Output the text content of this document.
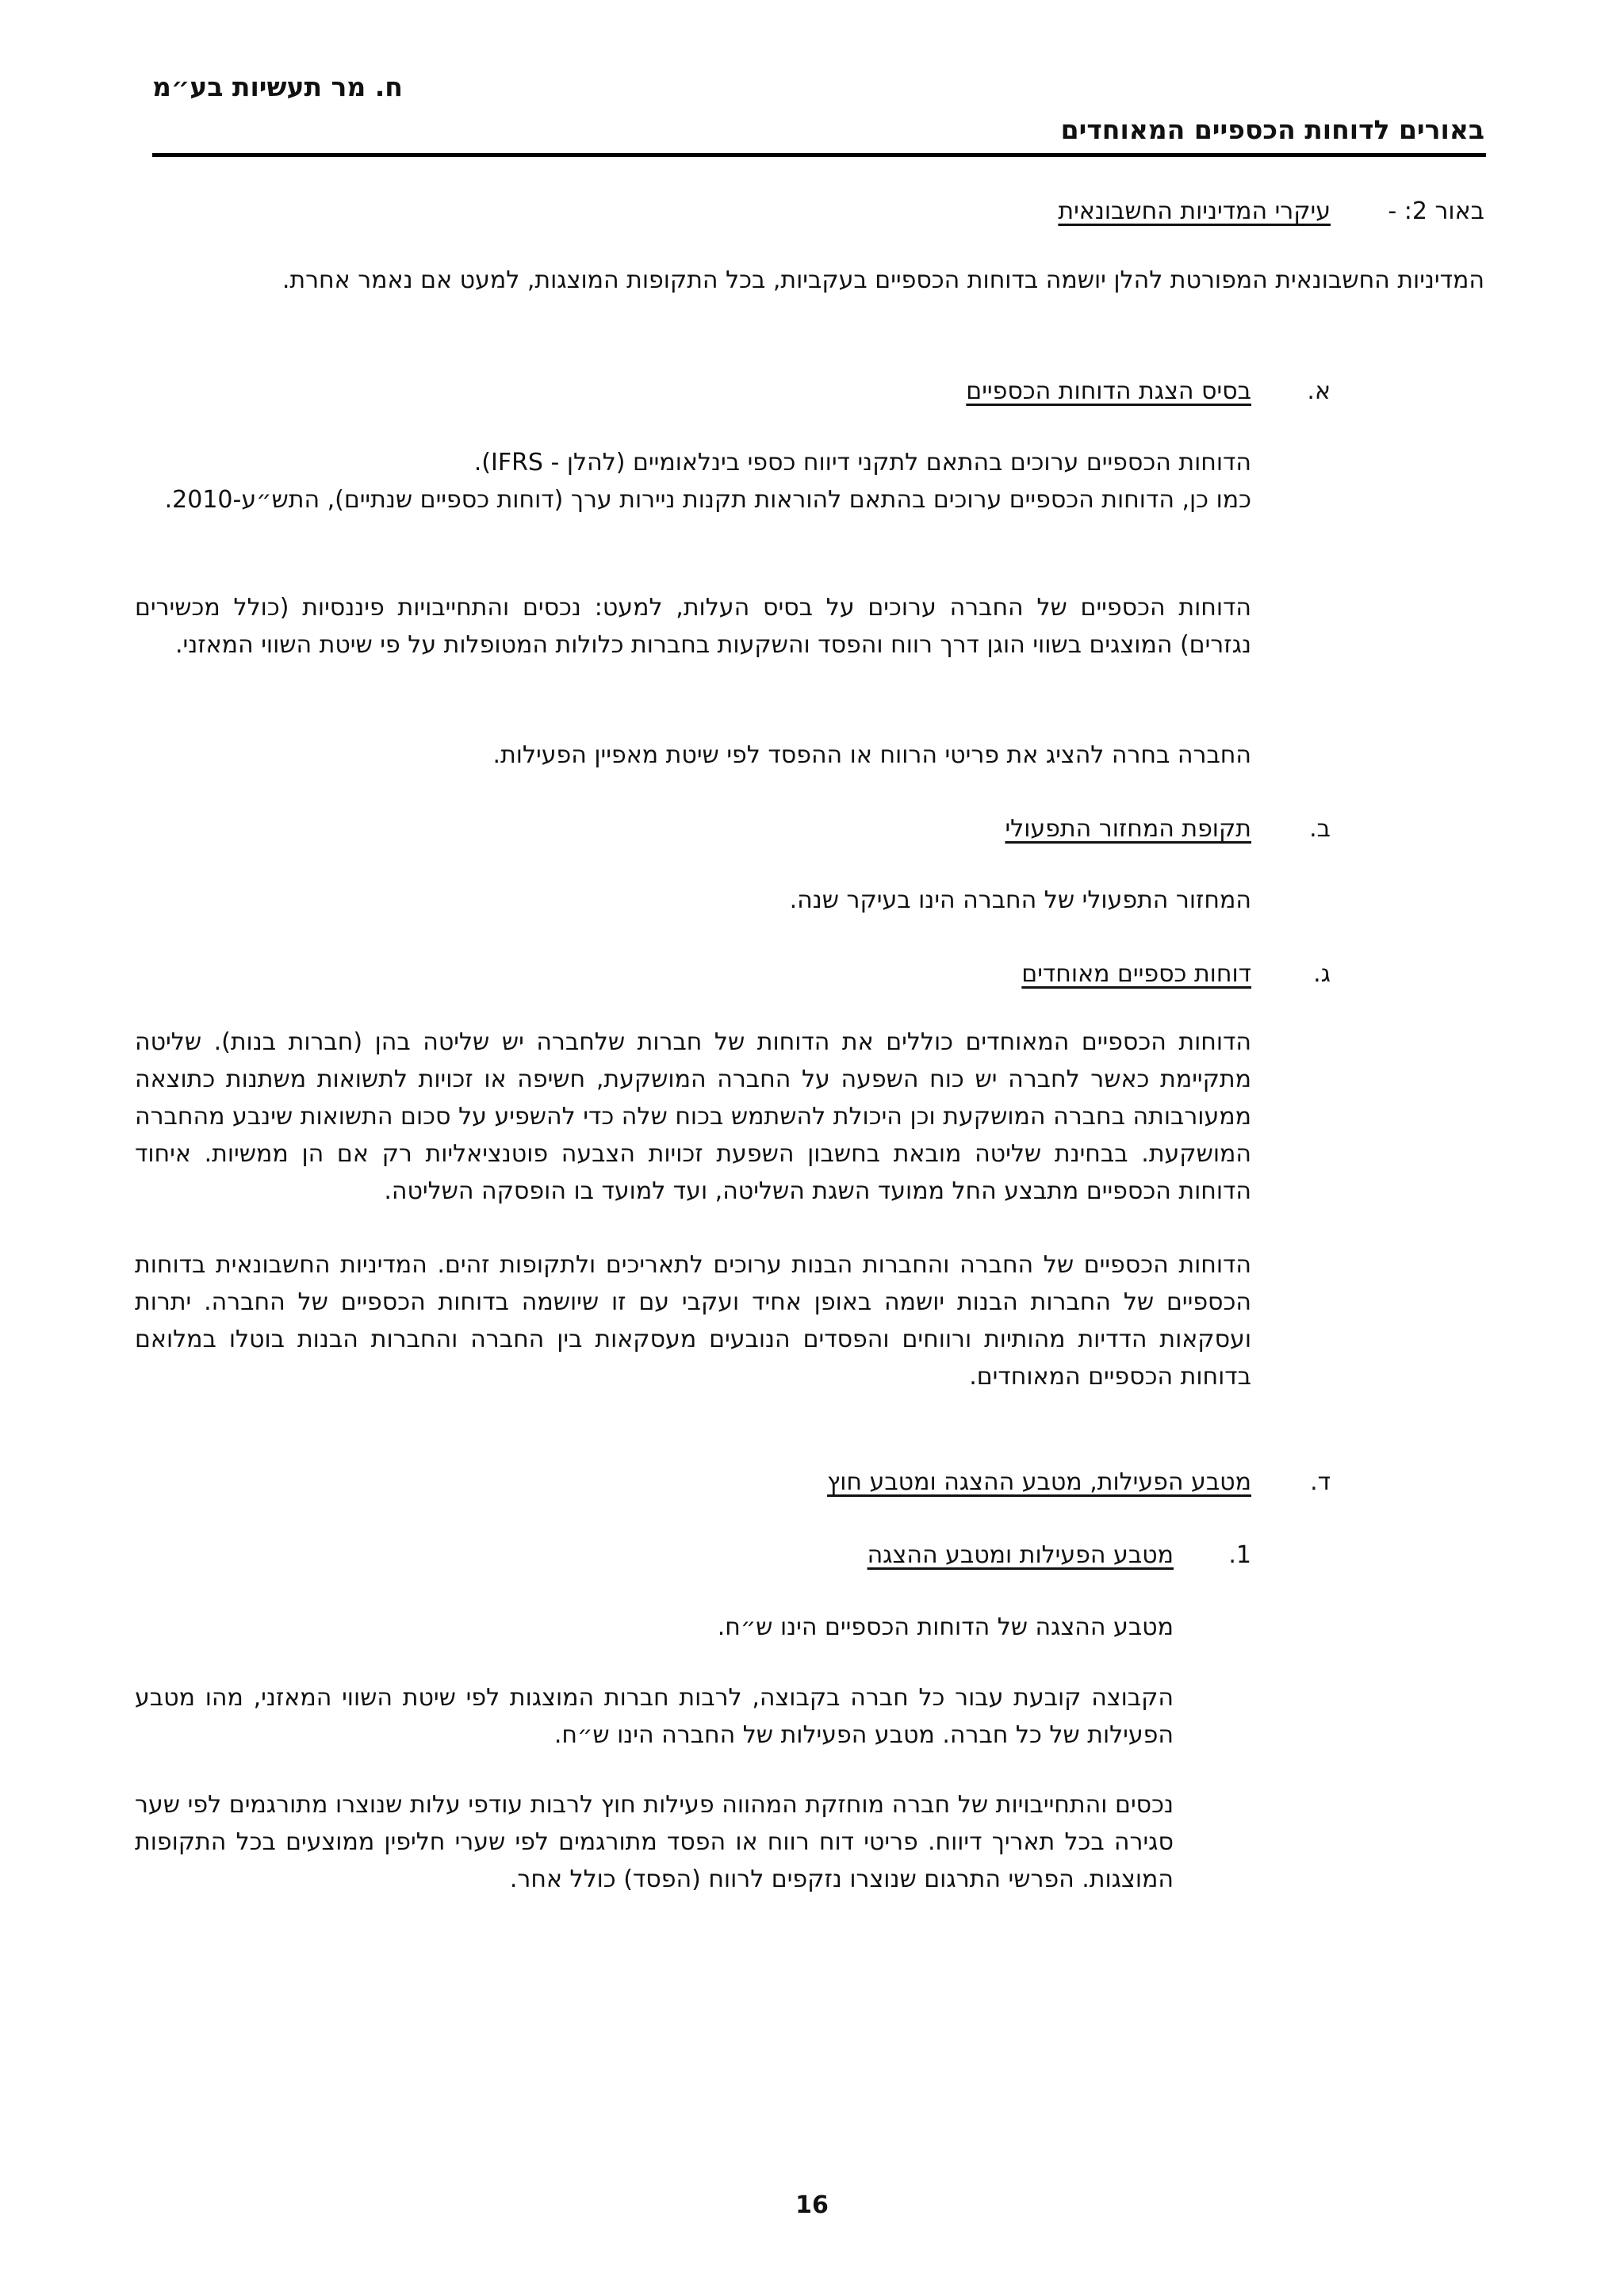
ח. מר תעשיות בע״מ
באורים לדוחות הכספיים המאוחדים
באור 2: -
עיקרי המדיניות החשבונאית
המדיניות החשבונאית המפורטת להלן יושמה בדוחות הכספיים בעקביות, בכל התקופות המוצגות, למעט אם נאמר אחרת.
א.
בסיס הצגת הדוחות הכספיים
הדוחות הכספיים ערוכים בהתאם לתקני דיווח כספי בינלאומיים (להלן - IFRS).
כמו כן, הדוחות הכספיים ערוכים בהתאם להוראות תקנות ניירות ערך (דוחות כספיים שנתיים), התש״ע-2010.
הדוחות הכספיים של החברה ערוכים על בסיס העלות, למעט: נכסים והתחייבויות פיננסיות (כולל מכשירים נגזרים) המוצגים בשווי הוגן דרך רווח והפסד והשקעות בחברות כלולות המטופלות על פי שיטת השווי המאזני.
החברה בחרה להציג את פריטי הרווח או ההפסד לפי שיטת מאפיין הפעילות.
ב.
תקופת המחזור התפעולי
המחזור התפעולי של החברה הינו בעיקר שנה.
ג.
דוחות כספיים מאוחדים
הדוחות הכספיים המאוחדים כוללים את הדוחות של חברות שלחברה יש שליטה בהן (חברות בנות). שליטה מתקיימת כאשר לחברה יש כוח השפעה על החברה המושקעת, חשיפה או זכויות לתשואות משתנות כתוצאה ממעורבותה בחברה המושקעת וכן היכולת להשתמש בכוח שלה כדי להשפיע על סכום התשואות שינבע מהחברה המושקעת. בבחינת שליטה מובאת בחשבון השפעת זכויות הצבעה פוטנציאליות רק אם הן ממשיות. איחוד הדוחות הכספיים מתבצע החל ממועד השגת השליטה, ועד למועד בו הופסקה השליטה.
הדוחות הכספיים של החברה והחברות הבנות ערוכים לתאריכים ולתקופות זהים. המדיניות החשבונאית בדוחות הכספיים של החברות הבנות יושמה באופן אחיד ועקבי עם זו שיושמה בדוחות הכספיים של החברה. יתרות ועסקאות הדדיות מהותיות ורווחים והפסדים הנובעים מעסקאות בין החברה והחברות הבנות בוטלו במלואם בדוחות הכספיים המאוחדים.
ד.
מטבע הפעילות, מטבע ההצגה ומטבע חוץ
1.
מטבע הפעילות ומטבע ההצגה
מטבע ההצגה של הדוחות הכספיים הינו ש״ח.
הקבוצה קובעת עבור כל חברה בקבוצה, לרבות חברות המוצגות לפי שיטת השווי המאזני, מהו מטבע הפעילות של כל חברה. מטבע הפעילות של החברה הינו ש״ח.
נכסים והתחייבויות של חברה מוחזקת המהווה פעילות חוץ לרבות עודפי עלות שנוצרו מתורגמים לפי שער סגירה בכל תאריך דיווח. פריטי דוח רווח או הפסד מתורגמים לפי שערי חליפין ממוצעים בכל התקופות המוצגות. הפרשי התרגום שנוצרו נזקפים לרווח (הפסד) כולל אחר.
16
